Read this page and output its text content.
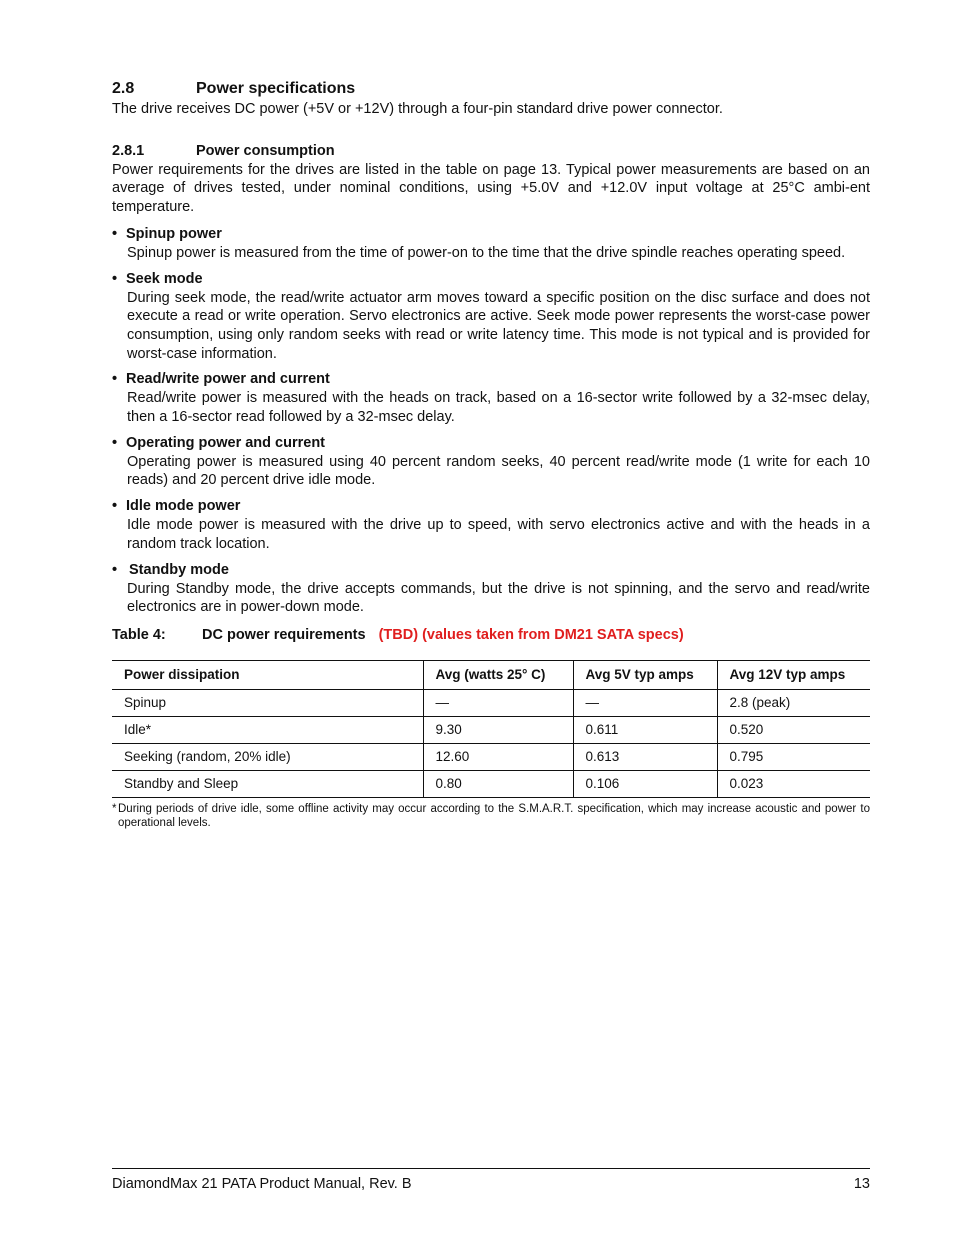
2.8	Power specifications

The drive receives DC power (+5V or +12V) through a four-pin standard drive power connector.

2.8.1	Power consumption

Power requirements for the drives are listed in the table on page 13. Typical power measurements are based on an average of drives tested, under nominal conditions, using +5.0V and +12.0V input voltage at 25°C ambi-ent temperature.

• Spinup power

Spinup power is measured from the time of power-on to the time that the drive spindle reaches operating speed.

• Seek mode

During seek mode, the read/write actuator arm moves toward a specific position on the disc surface and does not execute a read or write operation. Servo electronics are active. Seek mode power represents the worst-case power consumption, using only random seeks with read or write latency time. This mode is not typical and is provided for worst-case information.

• Read/write power and current

Read/write power is measured with the heads on track, based on a 16-sector write followed by a 32-msec delay, then a 16-sector read followed by a 32-msec delay.

• Operating power and current

Operating power is measured using 40 percent random seeks, 40 percent read/write mode (1 write for each 10 reads) and 20 percent drive idle mode.

• Idle mode power

Idle mode power is measured with the drive up to speed, with servo electronics active and with the heads in a random track location.

• Standby mode

During Standby mode, the drive accepts commands, but the drive is not spinning, and the servo and read/write electronics are in power-down mode.

Table 4:	DC power requirements (TBD) (values taken from DM21 SATA specs)
Power dissipation	Avg (watts 25° C)	Avg 5V typ amps	Avg 12V typ amps
Spinup	—	—	2.8 (peak)
Idle*	9.30	0.611	0.520
Seeking (random, 20% idle)	12.60	0.613	0.795
Standby and Sleep	0.80	0.106	0.023
* During periods of drive idle, some offline activity may occur according to the S.M.A.R.T. specification, which may increase acoustic and power to operational levels.
DiamondMax 21 PATA Product Manual, Rev. B	13
